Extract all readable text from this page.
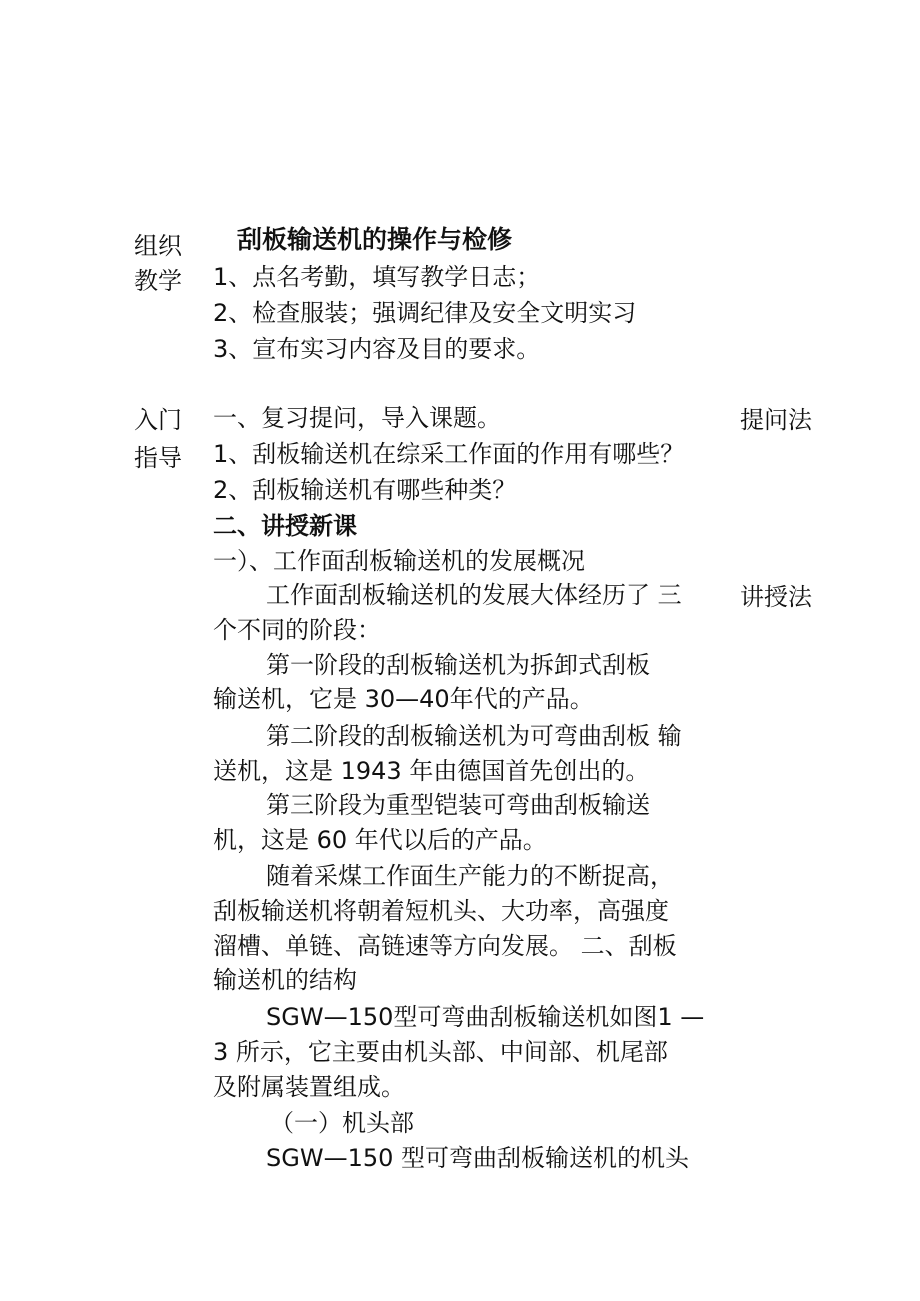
刮板输送机的操作与检修
组织
教学
入门
指导
1、点名考勤，填写教学日志；
2、检查服装；强调纪律及安全文明实习
3、宣布实习内容及目的要求。
提问法
讲授法
一、复习提问，导入课题。
1、刮板输送机在综采工作面的作用有哪些？
2、刮板输送机有哪些种类？
二、讲授新课
一）、工作面刮板输送机的发展概况
工作面刮板输送机的发展大体经历了 三
个不同的阶段：
第一阶段的刮板输送机为拆卸式刮板
输送机，它是 30—40年代的产品。
第二阶段的刮板输送机为可弯曲刮板 输
送机，这是 1943 年由德国首先创出的。
第三阶段为重型铠装可弯曲刮板输送
机，这是 60 年代以后的产品。
随着采煤工作面生产能力的不断捉高，
刮板输送机将朝着短机头、大功率，高强度
溜槽、单链、高链速等方向发展。 二、刮板
输送机的结构
SGW—150型可弯曲刮板输送机如图1 —
3 所示，它主要由机头部、中间部、机尾部
及附属装置组成。
（一）机头部
SGW—150 型可弯曲刮板输送机的机头
